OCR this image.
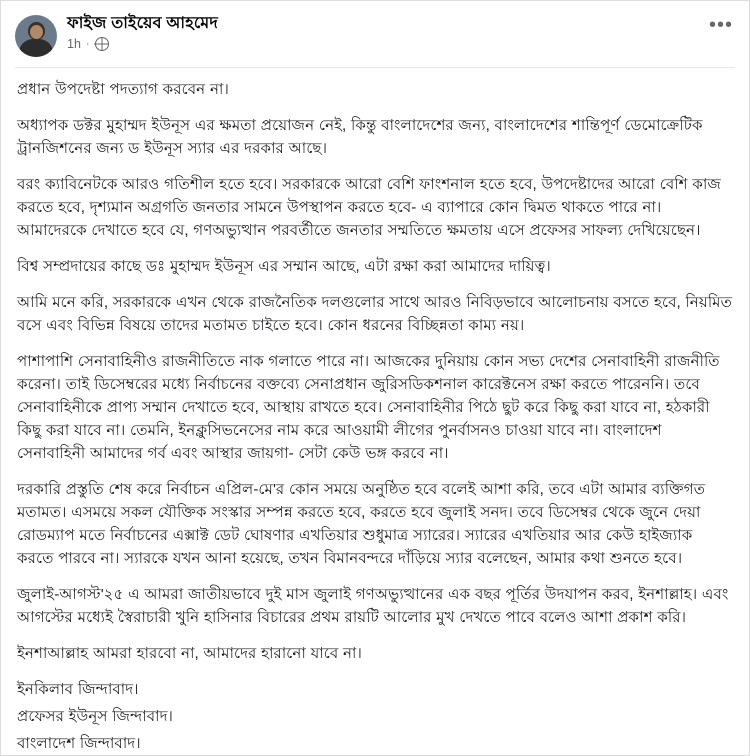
ফাইজ তাইয়েব আহমেদ
1h ·
•••

প্রধান উপদেষ্টা পদত্যাগ করবেন না।

অধ্যাপক ডক্টর মুহাম্মদ ইউনূস এর ক্ষমতা প্রয়োজন নেই, কিন্তু বাংলাদেশের জন্য, বাংলাদেশের শান্তিপূর্ণ ডেমোক্রেটিক ট্রানজিশনের জন্য ড ইউনূস স্যার এর দরকার আছে।

বরং ক্যাবিনেটকে আরও গতিশীল হতে হবে। সরকারকে আরো বেশি ফাংশনাল হতে হবে, উপদেষ্টাদের আরো বেশি কাজ করতে হবে, দৃশ্যমান অগ্রগতি জনতার সামনে উপস্থাপন করতে হবে- এ ব্যাপারে কোন দ্বিমত থাকতে পারে না। আমাদেরকে দেখাতে হবে যে, গণঅভ্যুত্থান পরবর্তীতে জনতার সম্মতিতে ক্ষমতায় এসে প্রফেসর সাফল্য দেখিয়েছেন।

বিশ্ব সম্প্রদায়ের কাছে ডঃ মুহাম্মদ ইউনূস এর সম্মান আছে, এটা রক্ষা করা আমাদের দায়িত্ব।

আমি মনে করি, সরকারকে এখন থেকে রাজনৈতিক দলগুলোর সাথে আরও নিবিড়ভাবে আলোচনায় বসতে হবে, নিয়মিত বসে এবং বিভিন্ন বিষয়ে তাদের মতামত চাইতে হবে। কোন ধরনের বিচ্ছিন্নতা কাম্য নয়।

পাশাপাশি সেনাবাহিনীও রাজনীতিতে নাক গলাতে পারে না। আজকের দুনিয়ায় কোন সভ্য দেশের সেনাবাহিনী রাজনীতি করেনা। তাই ডিসেম্বরের মধ্যে নির্বাচনের বক্তব্যে সেনাপ্রধান জুরিসডিকশনাল কারেক্টনেস রক্ষা করতে পারেননি। তবে সেনাবাহিনীকে প্রাপ্য সম্মান দেখাতে হবে, আস্থায় রাখতে হবে। সেনাবাহিনীর পিঠে ছুট করে কিছু করা যাবে না, হঠকারী কিছু করা যাবে না। তেমনি, ইনক্লুসিভনেসের নাম করে আওয়ামী লীগের পুনর্বাসনও চাওয়া যাবে না। বাংলাদেশ সেনাবাহিনী আমাদের গর্ব এবং আস্থার জায়গা- সেটা কেউ ভঙ্গ করবে না।

দরকারি প্রস্তুতি শেষ করে নির্বাচন এপ্রিল-মে'র কোন সময়ে অনুষ্ঠিত হবে বলেই আশা করি, তবে এটা আমার ব্যক্তিগত মতামত। এসময়ে সকল যৌক্তিক সংস্কার সম্পন্ন করতে হবে, করতে হবে জুলাই সনদ। তবে ডিসেম্বর থেকে জুনে দেয়া রোডম্যাপ মতে নির্বাচনের এক্সাক্ট ডেট ঘোষণার এখতিয়ার শুধুমাত্র স্যারের। স্যারের এখতিয়ার আর কেউ হাইজ্যাক করতে পারবে না। স্যারকে যখন আনা হয়েছে, তখন বিমানবন্দরে দাঁড়িয়ে স্যার বলেছেন, আমার কথা শুনতে হবে।

জুলাই-আগস্ট'২৫ এ আমরা জাতীয়ভাবে দুই মাস জুলাই গণঅভ্যুত্থানের এক বছর পূর্তির উদযাপন করব, ইনশাল্লাহ। এবং আগস্টের মধ্যেই স্বৈরাচারী খুনি হাসিনার বিচারের প্রথম রায়টি আলোর মুখ দেখতে পাবে বলেও আশা প্রকাশ করি।

ইনশাআল্লাহ আমরা হারবো না, আমাদের হারানো যাবে না।

ইনকিলাব জিন্দাবাদ।

প্রফেসর ইউনূস জিন্দাবাদ।

বাংলাদেশ জিন্দাবাদ।
